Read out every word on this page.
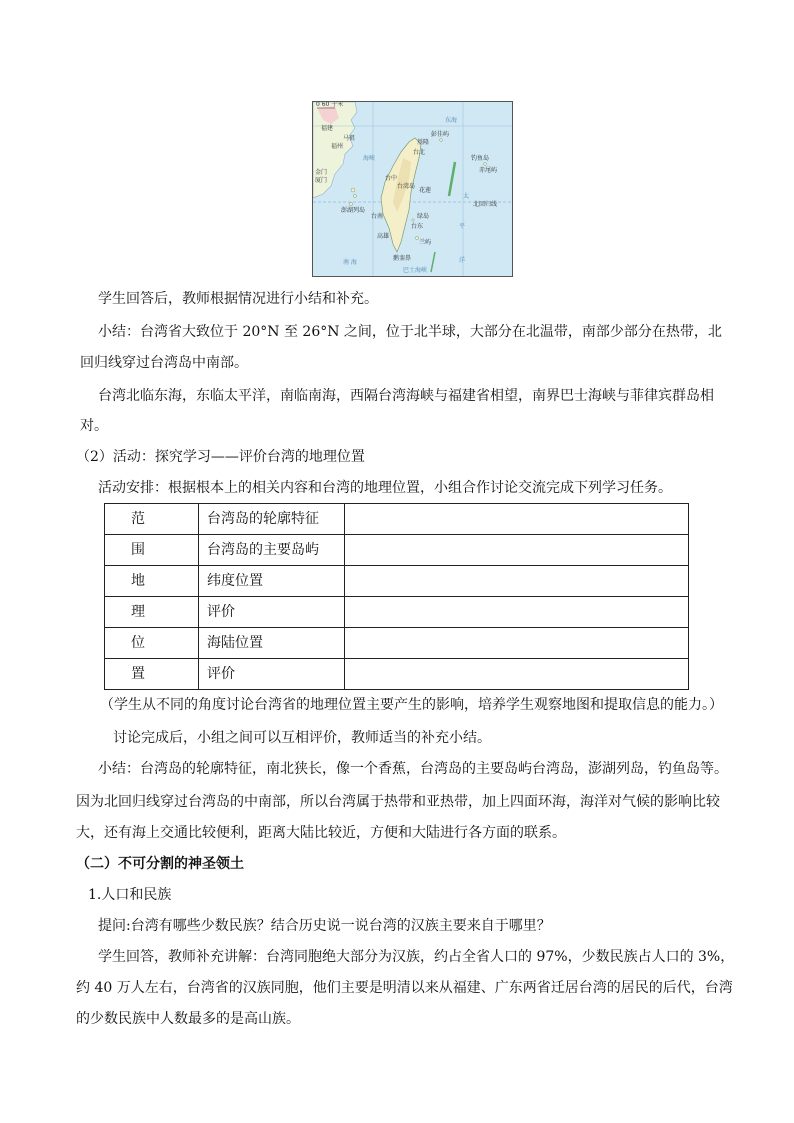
0 60 千米
福建
东海
福州
马祖
金门
厦门
海峡
澎湖列岛
彭佳屿
基隆
台北
钓鱼岛
赤尾屿
台湾岛
台中
台南
高雄
花莲
台东
绿岛
兰屿
鹅銮鼻
太
平
洋
南 海
巴士海峡
北回归线
学生回答后，教师根据情况进行小结和补充。
小结：台湾省大致位于 20°N 至 26°N 之间，位于北半球，大部分在北温带，南部少部分在热带，北
回归线穿过台湾岛中南部。
台湾北临东海，东临太平洋，南临南海，西隔台湾海峡与福建省相望，南界巴士海峡与菲律宾群岛相
对。
（2）活动：探究学习——评价台湾的地理位置
活动安排：根据根本上的相关内容和台湾的地理位置，小组合作讨论交流完成下列学习任务。
范	台湾岛的轮廓特征	
围	台湾岛的主要岛屿	
地	纬度位置	
理	评价	
位	海陆位置	
置	评价	
（学生从不同的角度讨论台湾省的地理位置主要产生的影响，培养学生观察地图和提取信息的能力。）
讨论完成后，小组之间可以互相评价，教师适当的补充小结。
小结：台湾岛的轮廓特征，南北狭长，像一个香蕉，台湾岛的主要岛屿台湾岛，澎湖列岛，钓鱼岛等。
因为北回归线穿过台湾岛的中南部，所以台湾属于热带和亚热带，加上四面环海，海洋对气候的影响比较
大，还有海上交通比较便利，距离大陆比较近，方便和大陆进行各方面的联系。
（二）不可分割的神圣领土
1.人口和民族
提问:台湾有哪些少数民族？结合历史说一说台湾的汉族主要来自于哪里？
学生回答，教师补充讲解：台湾同胞绝大部分为汉族，约占全省人口的 97%，少数民族占人口的 3%，
约 40 万人左右，台湾省的汉族同胞，他们主要是明清以来从福建、广东两省迁居台湾的居民的后代，台湾
的少数民族中人数最多的是高山族。
